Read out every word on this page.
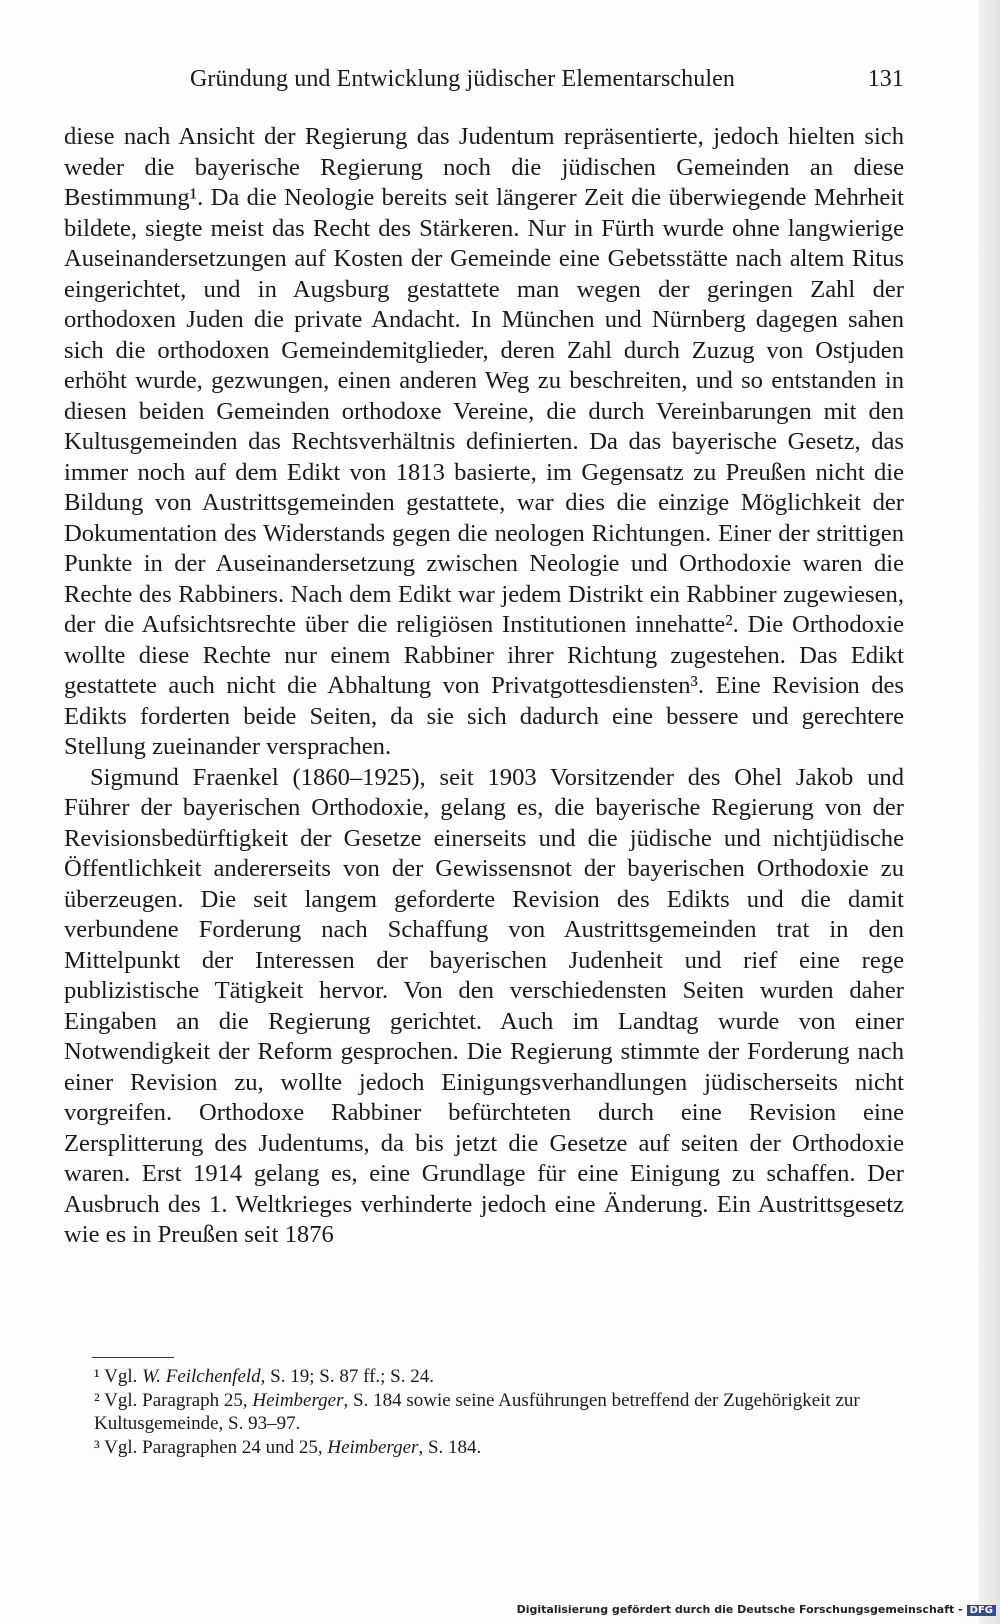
Gründung und Entwicklung jüdischer Elementarschulen	131

diese nach Ansicht der Regierung das Judentum repräsentierte, jedoch hielten sich weder die bayerische Regierung noch die jüdischen Gemeinden an diese Bestimmung¹. Da die Neologie bereits seit längerer Zeit die überwiegende Mehrheit bildete, siegte meist das Recht des Stärkeren. Nur in Fürth wurde ohne langwierige Auseinandersetzungen auf Kosten der Gemeinde eine Gebetsstätte nach altem Ritus eingerichtet, und in Augsburg gestattete man wegen der geringen Zahl der orthodoxen Juden die private Andacht. In München und Nürnberg dagegen sahen sich die orthodoxen Gemeindemitglieder, deren Zahl durch Zuzug von Ostjuden erhöht wurde, gezwungen, einen anderen Weg zu beschreiten, und so entstanden in diesen beiden Gemeinden orthodoxe Vereine, die durch Vereinbarungen mit den Kultusgemeinden das Rechtsverhältnis definierten. Da das bayerische Gesetz, das immer noch auf dem Edikt von 1813 basierte, im Gegensatz zu Preußen nicht die Bildung von Austrittsgemeinden gestattete, war dies die einzige Möglichkeit der Dokumentation des Widerstands gegen die neologen Richtungen. Einer der strittigen Punkte in der Auseinandersetzung zwischen Neologie und Orthodoxie waren die Rechte des Rabbiners. Nach dem Edikt war jedem Distrikt ein Rabbiner zugewiesen, der die Aufsichtsrechte über die religiösen Institutionen innehatte². Die Orthodoxie wollte diese Rechte nur einem Rabbiner ihrer Richtung zugestehen. Das Edikt gestattete auch nicht die Abhaltung von Privatgottesdiensten³. Eine Revision des Edikts forderten beide Seiten, da sie sich dadurch eine bessere und gerechtere Stellung zueinander versprachen.

Sigmund Fraenkel (1860–1925), seit 1903 Vorsitzender des Ohel Jakob und Führer der bayerischen Orthodoxie, gelang es, die bayerische Regierung von der Revisionsbedürftigkeit der Gesetze einerseits und die jüdische und nichtjüdische Öffentlichkeit andererseits von der Gewissensnot der bayerischen Orthodoxie zu überzeugen. Die seit langem geforderte Revision des Edikts und die damit verbundene Forderung nach Schaffung von Austrittsgemeinden trat in den Mittelpunkt der Interessen der bayerischen Judenheit und rief eine rege publizistische Tätigkeit hervor. Von den verschiedensten Seiten wurden daher Eingaben an die Regierung gerichtet. Auch im Landtag wurde von einer Notwendigkeit der Reform gesprochen. Die Regierung stimmte der Forderung nach einer Revision zu, wollte jedoch Einigungsverhandlungen jüdischerseits nicht vorgreifen. Orthodoxe Rabbiner befürchteten durch eine Revision eine Zersplitterung des Judentums, da bis jetzt die Gesetze auf seiten der Orthodoxie waren. Erst 1914 gelang es, eine Grundlage für eine Einigung zu schaffen. Der Ausbruch des 1. Weltkrieges verhinderte jedoch eine Änderung. Ein Austrittsgesetz wie es in Preußen seit 1876

¹ Vgl. W. Feilchenfeld, S. 19; S. 87 ff.; S. 24.

² Vgl. Paragraph 25, Heimberger, S. 184 sowie seine Ausführungen betreffend der Zugehörigkeit zur Kultusgemeinde, S. 93–97.

³ Vgl. Paragraphen 24 und 25, Heimberger, S. 184.

Digitalisierung gefördert durch die Deutsche Forschungsgemeinschaft - DFG
